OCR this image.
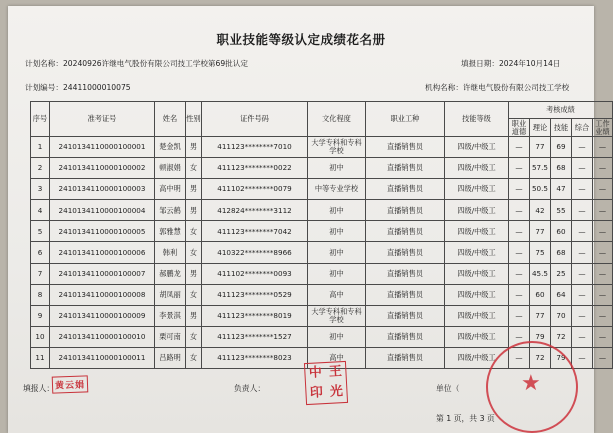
职业技能等级认定成绩花名册
计划名称：20240926许继电气股份有限公司技工学校第69批认定	填报日期：2024年10月14日
计划编号：24411000010075	机构名称：许继电气股份有限公司技工学校
序号	准考证号	姓名	性别	证件号码	文化程度	职业工种	技能等级	考核成绩				
								职业道德	理论	技能	综合	工作业绩
1	2410134110000100001	楚金凯	男	411123********7010	大学专科和专科学校	直播销售员	四级/中级工	—	77	69	—	—
2	2410134110000100002	顿淑娟	女	411123********0022	初中	直播销售员	四级/中级工	—	57.5	68	—	—
3	2410134110000100003	高中明	男	411102********0079	中等专业学校	直播销售员	四级/中级工	—	50.5	47	—	—
4	2410134110000100004	邹云鹤	男	412824********3112	初中	直播销售员	四级/中级工	—	42	55	—	—
5	2410134110000100005	郭雅慧	女	411123********7042	初中	直播销售员	四级/中级工	—	77	60	—	—
6	2410134110000100006	韩利	女	410322********8966	初中	直播销售员	四级/中级工	—	75	68	—	—
7	2410134110000100007	郝鹏龙	男	411102********0093	初中	直播销售员	四级/中级工	—	45.5	25	—	—
8	2410134110000100008	胡凤丽	女	411123********0529	高中	直播销售员	四级/中级工	—	60	64	—	—
9	2410134110000100009	李景淇	男	411123********8019	大学专科和专科学校	直播销售员	四级/中级工	—	77	70	—	—
10	2410134110000100010	栗可南	女	411123********1527	初中	直播销售员	四级/中级工	—	79	72	—	—
11	2410134110000100011	吕路明	女	411123********8023	高中	直播销售员	四级/中级工	—	72	79	—	—
填报人： 黄云娟	负责人：
中 王
印 光	单位（	★
第 1 页，共 3 页
